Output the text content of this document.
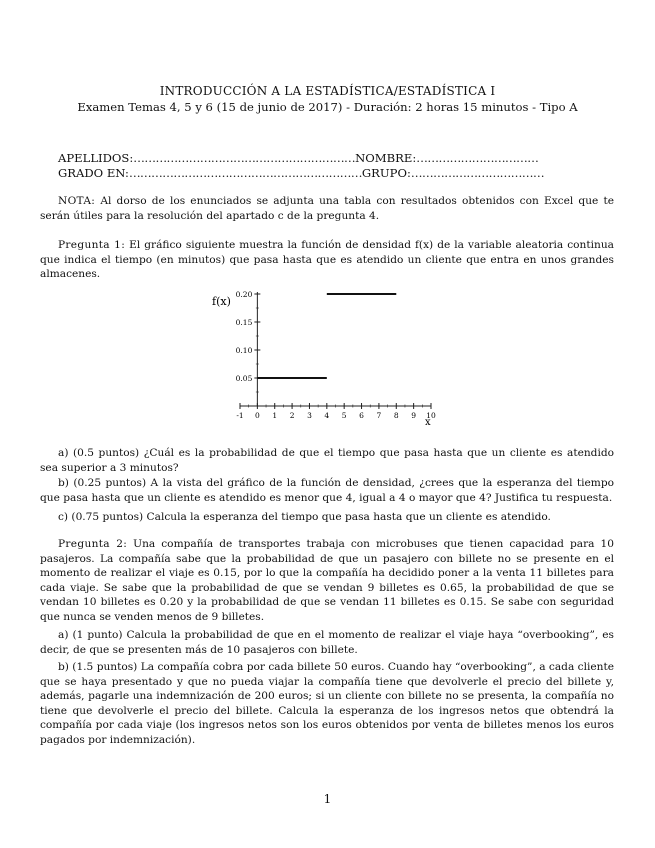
INTRODUCCIÓN A LA ESTADÍSTICA/ESTADÍSTICA I
Examen Temas 4, 5 y 6 (15 de junio de 2017) - Duración: 2 horas 15 minutos - Tipo A
APELLIDOS:……………………………………………………NOMBRE:……………………………
GRADO EN:………………………………………………………GRUPO:………………………………
NOTA: Al dorso de los enunciados se adjunta una tabla con resultados obtenidos con Excel que te serán útiles para la resolución del apartado c de la pregunta 4.
Pregunta 1: El gráfico siguiente muestra la función de densidad f(x) de la variable aleatoria continua que indica el tiempo (en minutos) que pasa hasta que es atendido un cliente que entra en unos grandes almacenes.
f(x)
x
0.05
0.10
0.15
0.20
-1 0 1 2 3 4 5 6 7 8 9 10
a) (0.5 puntos) ¿Cuál es la probabilidad de que el tiempo que pasa hasta que un cliente es atendido sea superior a 3 minutos?
b) (0.25 puntos) A la vista del gráfico de la función de densidad, ¿crees que la esperanza del tiempo que pasa hasta que un cliente es atendido es menor que 4, igual a 4 o mayor que 4? Justifica tu respuesta.
c) (0.75 puntos) Calcula la esperanza del tiempo que pasa hasta que un cliente es atendido.
Pregunta 2: Una compañía de transportes trabaja con microbuses que tienen capacidad para 10 pasajeros. La compañía sabe que la probabilidad de que un pasajero con billete no se presente en el momento de realizar el viaje es 0.15, por lo que la compañía ha decidido poner a la venta 11 billetes para cada viaje. Se sabe que la probabilidad de que se vendan 9 billetes es 0.65, la probabilidad de que se vendan 10 billetes es 0.20 y la probabilidad de que se vendan 11 billetes es 0.15. Se sabe con seguridad que nunca se venden menos de 9 billetes.
a) (1 punto) Calcula la probabilidad de que en el momento de realizar el viaje haya “overbooking”, es decir, de que se presenten más de 10 pasajeros con billete.
b) (1.5 puntos) La compañía cobra por cada billete 50 euros. Cuando hay “overbooking”, a cada cliente que se haya presentado y que no pueda viajar la compañía tiene que devolverle el precio del billete y, además, pagarle una indemnización de 200 euros; si un cliente con billete no se presenta, la compañía no tiene que devolverle el precio del billete. Calcula la esperanza de los ingresos netos que obtendrá la compañía por cada viaje (los ingresos netos son los euros obtenidos por venta de billetes menos los euros pagados por indemnización).
1
